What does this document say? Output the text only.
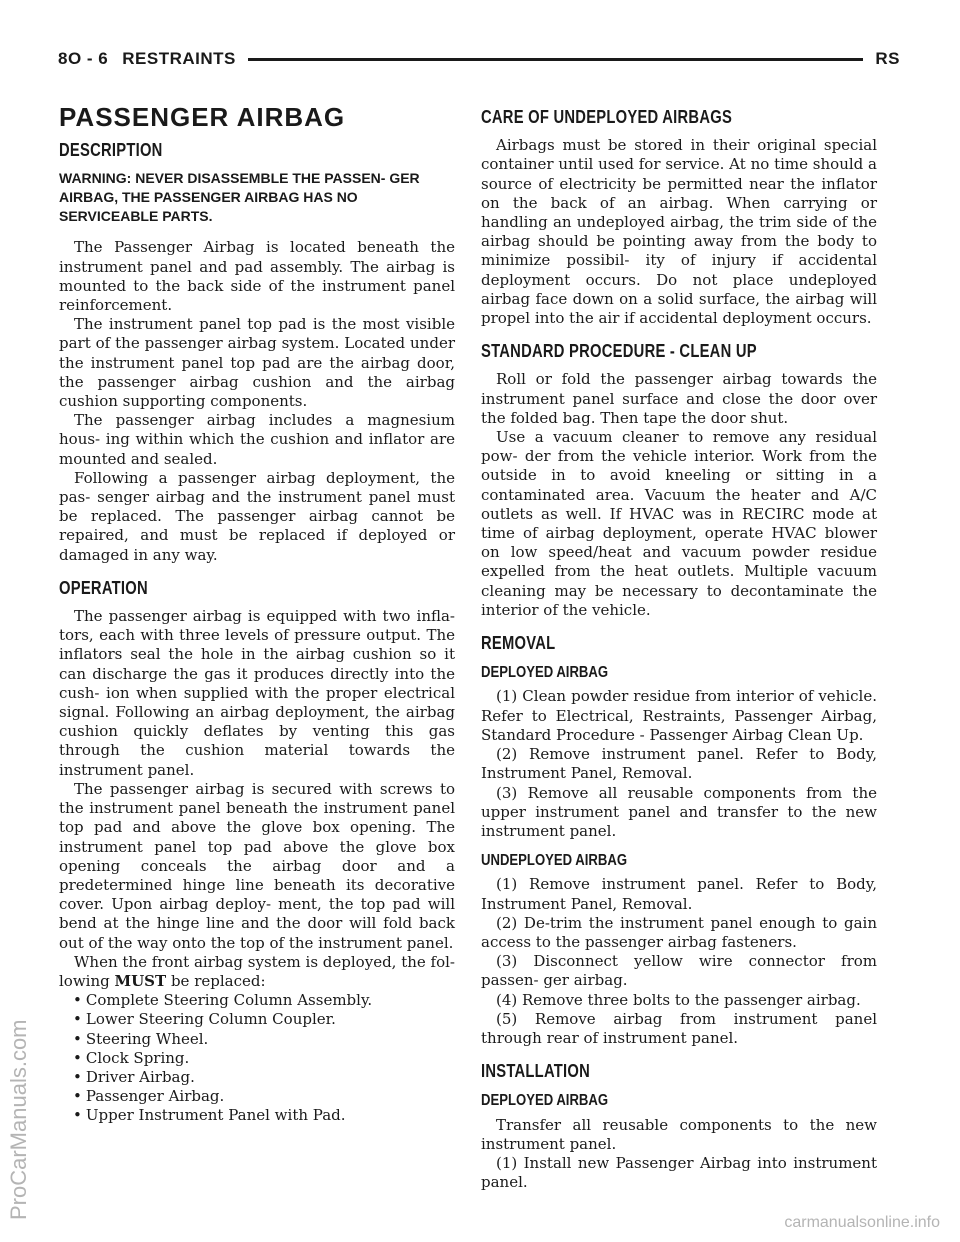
8O - 6 RESTRAINTS	RS
ProCarManuals.com
carmanualsonline.info
PASSENGER AIRBAG
DESCRIPTION

WARNING: NEVER DISASSEMBLE THE PASSEN- GER AIRBAG, THE PASSENGER AIRBAG HAS NO SERVICEABLE PARTS.

The Passenger Airbag is located beneath the instrument panel and pad assembly. The airbag is mounted to the back side of the instrument panel reinforcement.

The instrument panel top pad is the most visible part of the passenger airbag system. Located under the instrument panel top pad are the airbag door, the passenger airbag cushion and the airbag cushion supporting components.

The passenger airbag includes a magnesium hous- ing within which the cushion and inflator are mounted and sealed.

Following a passenger airbag deployment, the pas- senger airbag and the instrument panel must be replaced. The passenger airbag cannot be repaired, and must be replaced if deployed or damaged in any way.

OPERATION

The passenger airbag is equipped with two infla- tors, each with three levels of pressure output. The inflators seal the hole in the airbag cushion so it can discharge the gas it produces directly into the cush- ion when supplied with the proper electrical signal. Following an airbag deployment, the airbag cushion quickly deflates by venting this gas through the cushion material towards the instrument panel.

The passenger airbag is secured with screws to the instrument panel beneath the instrument panel top pad and above the glove box opening. The instrument panel top pad above the glove box opening conceals the airbag door and a predetermined hinge line beneath its decorative cover. Upon airbag deploy- ment, the top pad will bend at the hinge line and the door will fold back out of the way onto the top of the instrument panel.

When the front airbag system is deployed, the fol- lowing MUST be replaced:

• Complete Steering Column Assembly.
• Lower Steering Column Coupler.
• Steering Wheel.
• Clock Spring.
• Driver Airbag.
• Passenger Airbag.
• Upper Instrument Panel with Pad.
CARE OF UNDEPLOYED AIRBAGS

Airbags must be stored in their original special container until used for service. At no time should a source of electricity be permitted near the inflator on the back of an airbag. When carrying or handling an undeployed airbag, the trim side of the airbag should be pointing away from the body to minimize possibil- ity of injury if accidental deployment occurs. Do not place undeployed airbag face down on a solid surface, the airbag will propel into the air if accidental deployment occurs.

STANDARD PROCEDURE - CLEAN UP

Roll or fold the passenger airbag towards the instrument panel surface and close the door over the folded bag. Then tape the door shut.

Use a vacuum cleaner to remove any residual pow- der from the vehicle interior. Work from the outside in to avoid kneeling or sitting in a contaminated area. Vacuum the heater and A/C outlets as well. If HVAC was in RECIRC mode at time of airbag deployment, operate HVAC blower on low speed/heat and vacuum powder residue expelled from the heat outlets. Multiple vacuum cleaning may be necessary to decontaminate the interior of the vehicle.

REMOVAL
DEPLOYED AIRBAG

(1) Clean powder residue from interior of vehicle. Refer to Electrical, Restraints, Passenger Airbag, Standard Procedure - Passenger Airbag Clean Up.

(2) Remove instrument panel. Refer to Body, Instrument Panel, Removal.

(3) Remove all reusable components from the upper instrument panel and transfer to the new instrument panel.

UNDEPLOYED AIRBAG

(1) Remove instrument panel. Refer to Body, Instrument Panel, Removal.

(2) De-trim the instrument panel enough to gain access to the passenger airbag fasteners.

(3) Disconnect yellow wire connector from passen- ger airbag.

(4) Remove three bolts to the passenger airbag.

(5) Remove airbag from instrument panel through rear of instrument panel.

INSTALLATION
DEPLOYED AIRBAG

Transfer all reusable components to the new instrument panel.

(1) Install new Passenger Airbag into instrument panel.
